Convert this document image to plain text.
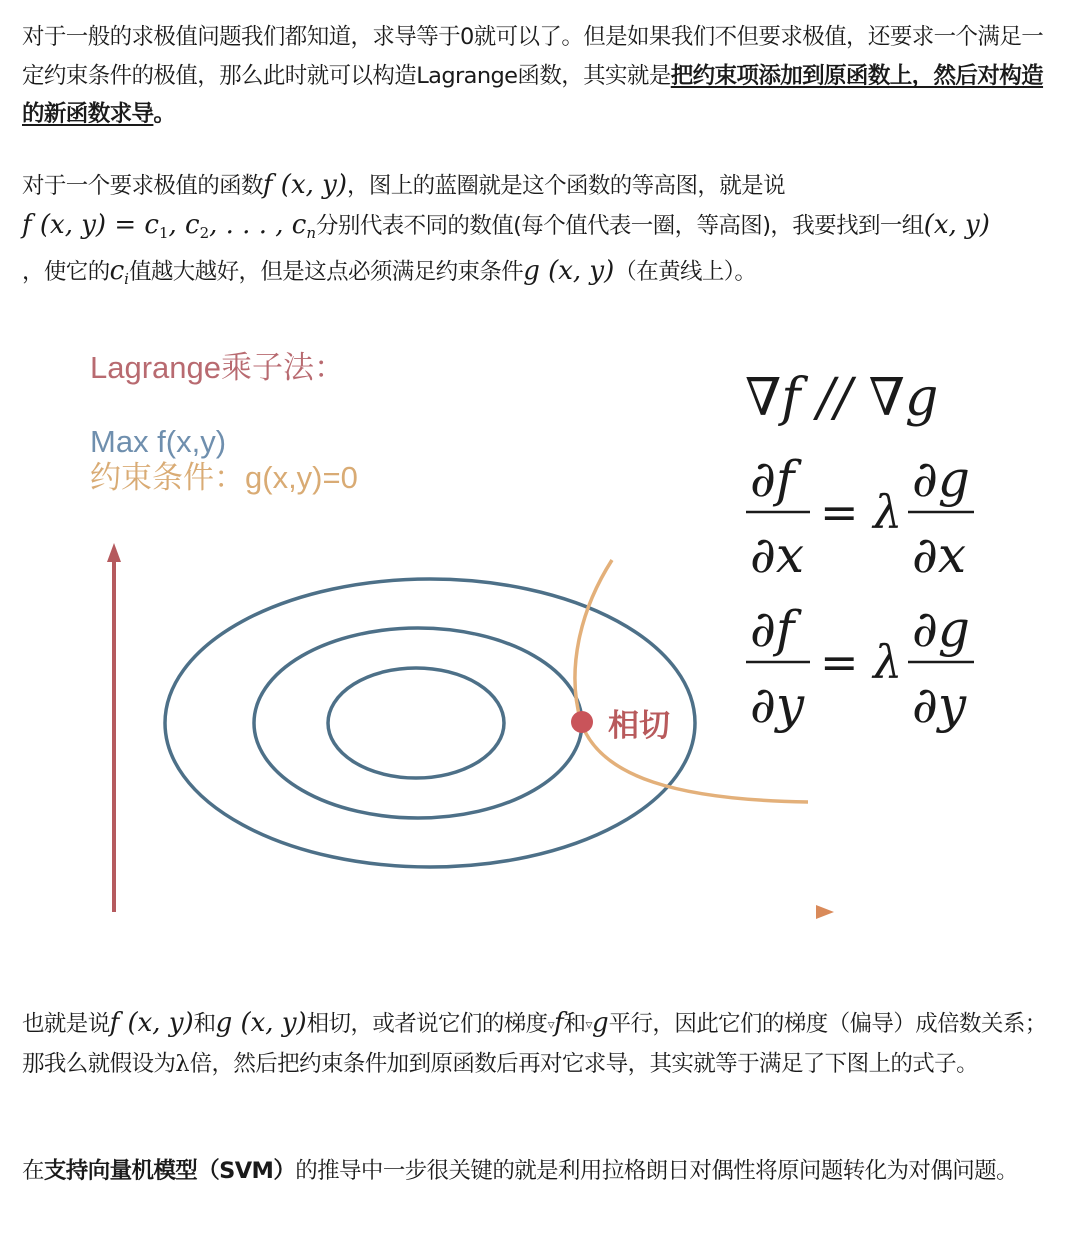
对于一般的求极值问题我们都知道，求导等于0就可以了。但是如果我们不但要求极值，还要求一个满足一定约束条件的极值，那么此时就可以构造Lagrange函数，其实就是把约束项添加到原函数上，然后对构造的新函数求导。

对于一个要求极值的函数f (x, y)，图上的蓝圈就是这个函数的等高图，就是说
f (x, y) = c1, c2, . . . , $c_n$分别代表不同的数值(每个值代表一圈，等高图)，我要找到一组(x, y)
，使它的$c_i$值越大越好，但是这点必须满足约束条件g (x, y)（在黄线上）。

Lagrange乘子法：
Max f(x,y)
约束条件：g(x,y)=0
相切
∇f // ∇g
∂f
∂x
= λ
∂g
∂x
∂f
∂y
= λ
∂g
∂y

也就是说f (x, y)和g (x, y)相切，或者说它们的梯度▿f和▿g平行，因此它们的梯度（偏导）成倍数关系；那我么就假设为λ倍，然后把约束条件加到原函数后再对它求导，其实就等于满足了下图上的式子。

在支持向量机模型（SVM）的推导中一步很关键的就是利用拉格朗日对偶性将原问题转化为对偶问题。
